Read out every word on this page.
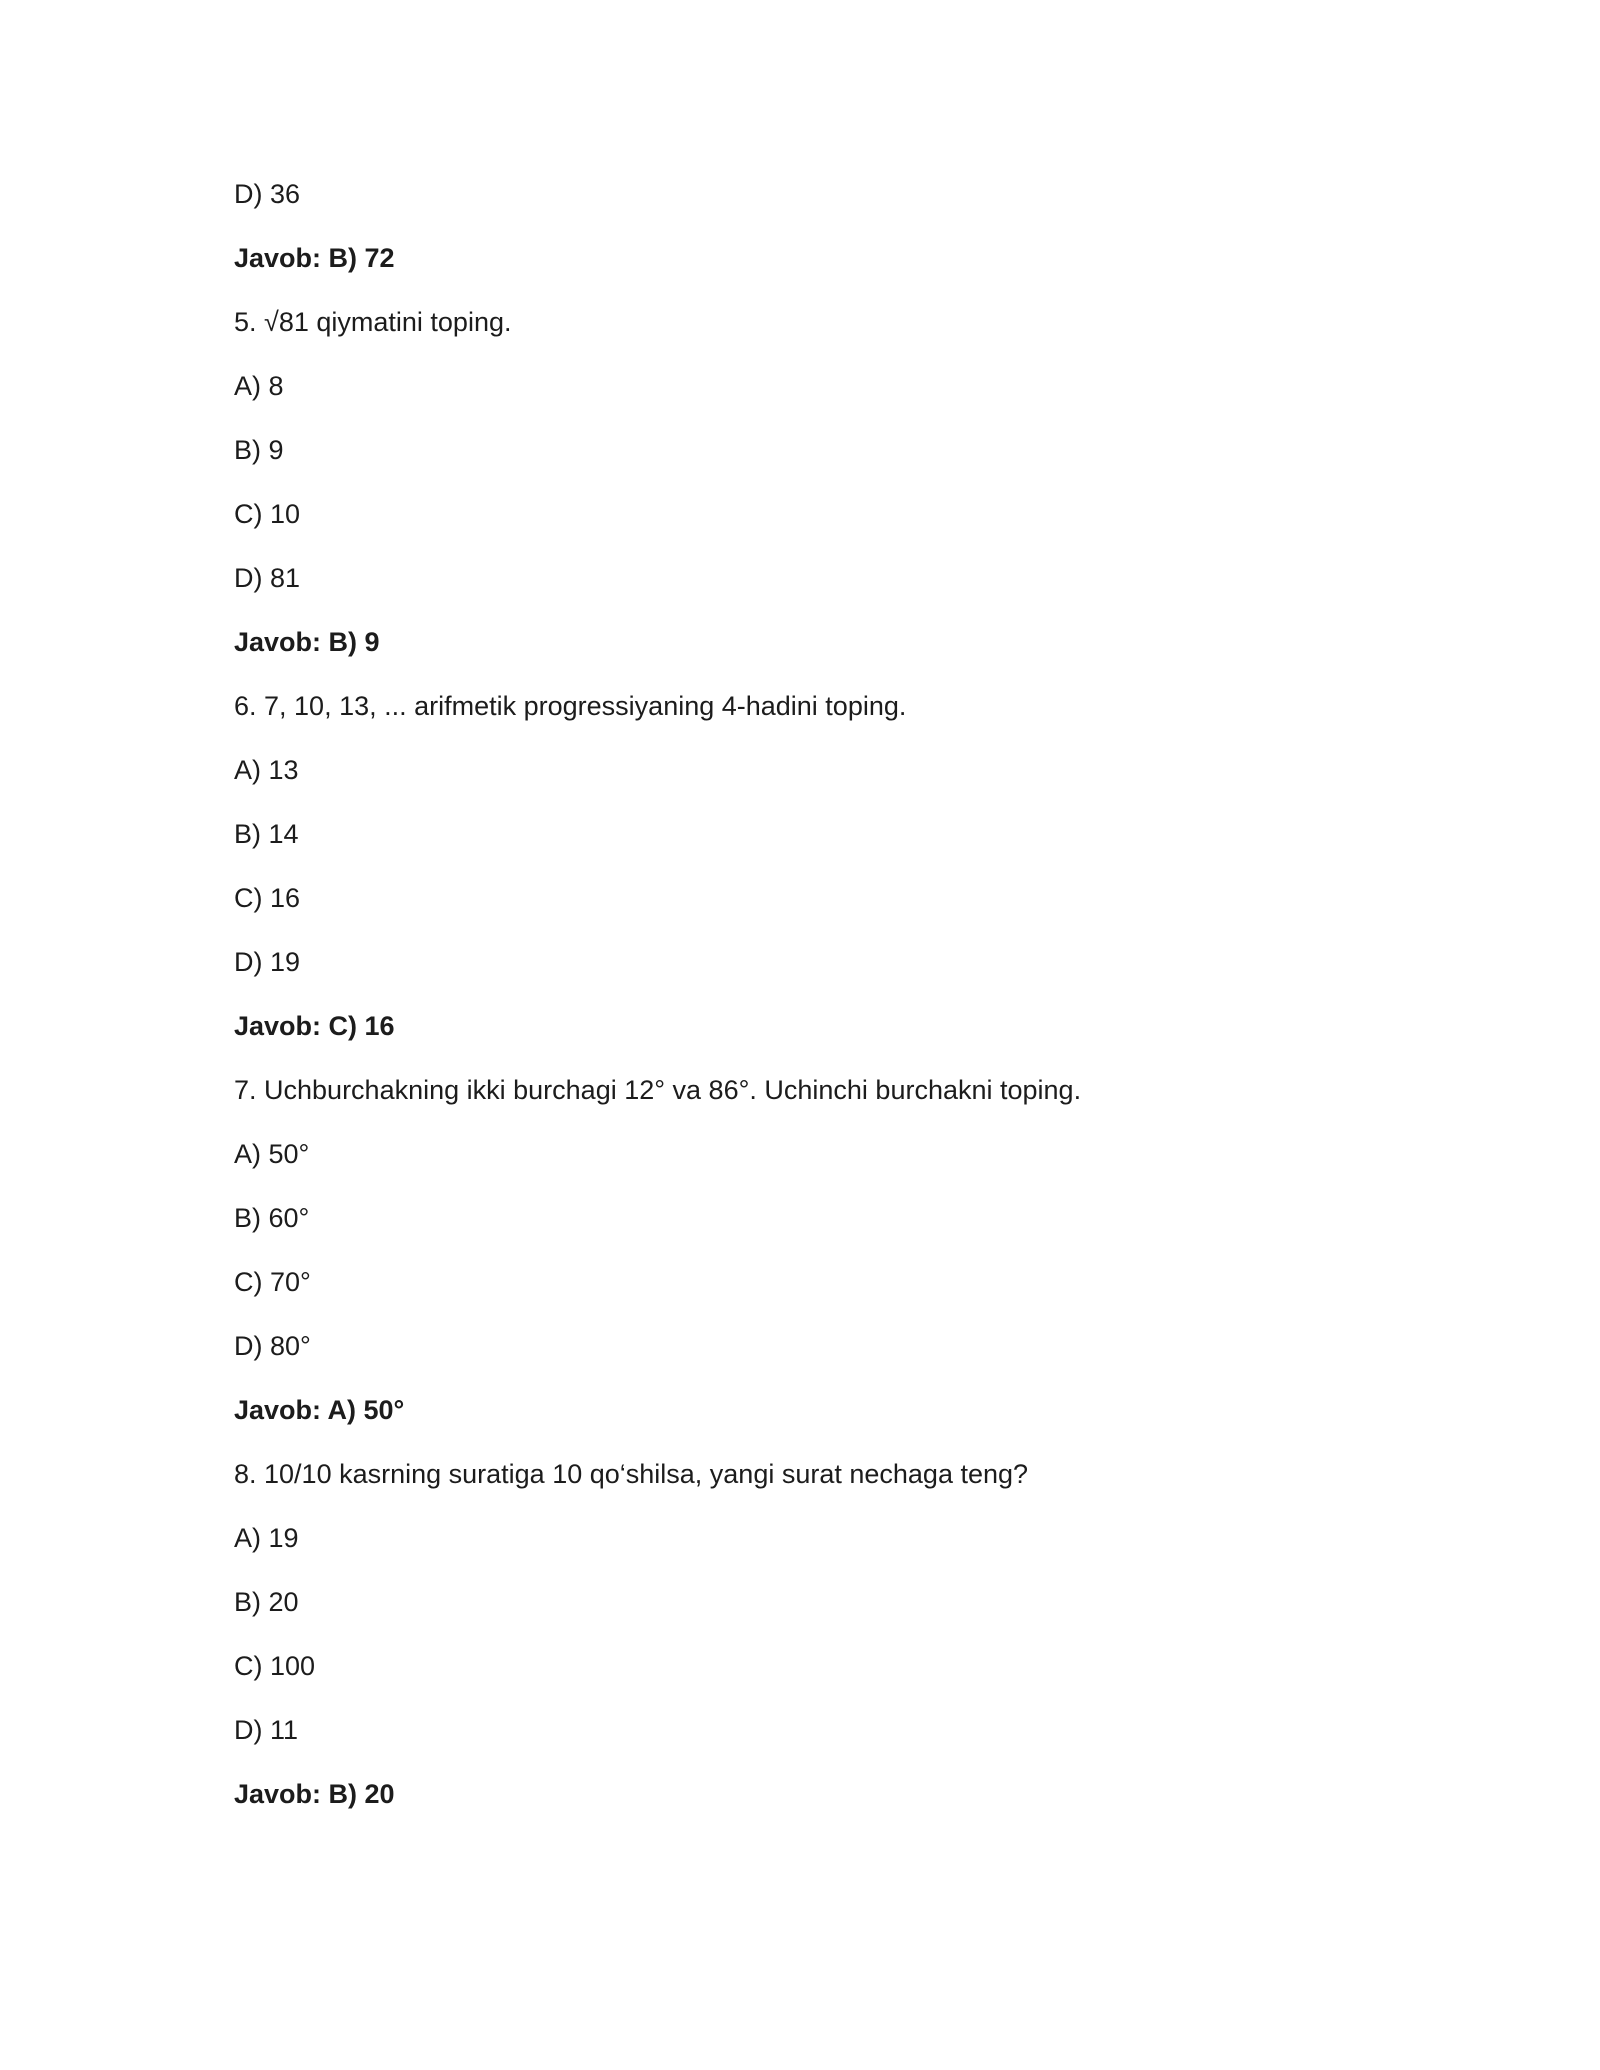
D) 36
Javob: B) 72
5. √81 qiymatini toping.
A) 8
B) 9
C) 10
D) 81
Javob: B) 9
6. 7, 10, 13, ... arifmetik progressiyaning 4-hadini toping.
A) 13
B) 14
C) 16
D) 19
Javob: C) 16
7. Uchburchakning ikki burchagi 12° va 86°. Uchinchi burchakni toping.
A) 50°
B) 60°
C) 70°
D) 80°
Javob: A) 50°
8. 10/10 kasrning suratiga 10 qo‘shilsa, yangi surat nechaga teng?
A) 19
B) 20
C) 100
D) 11
Javob: B) 20
